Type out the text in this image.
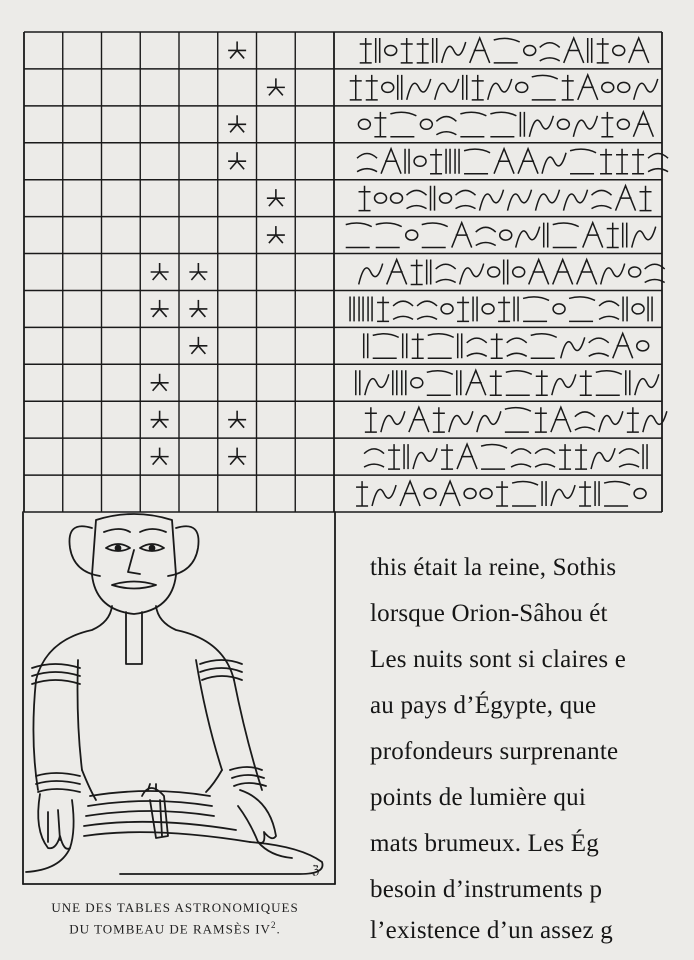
ℨ
UNE DES TABLES ASTRONOMIQUES
DU TOMBEAU DE RAMSÈS $IV^2$.
this était la reine, Sothis
lorsque Orion-Sâhou ét
Les nuits sont si claires e
au pays d’Égypte, que
profondeurs surprenante
points de lumière qui
mats brumeux. Les Ég
besoin d’instruments p
l’existence d’un assez g
